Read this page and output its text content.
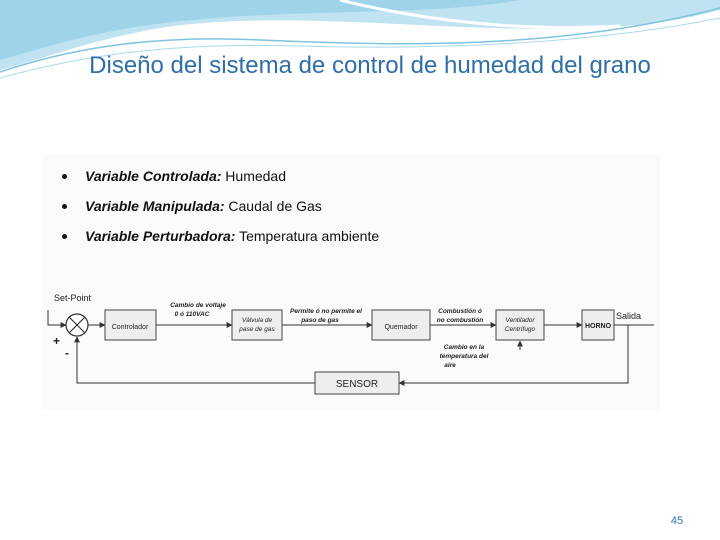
Diseño del sistema de control de humedad del grano
Variable Controlada: Humedad
Variable Manipulada: Caudal de Gas
Variable Perturbadora: Temperatura ambiente
Controlador
Válvula de
pase de gas	Quemador
Ventilador
Centrífugo	HORNO
SENSOR
Set-Point
+
-
Cambio de voltaje
0 ó 110VAC	Permite ó no permite el
paso de gas
Combustión ó
no combustión	Salida
Cambio en la
temperatura del
aire
45
